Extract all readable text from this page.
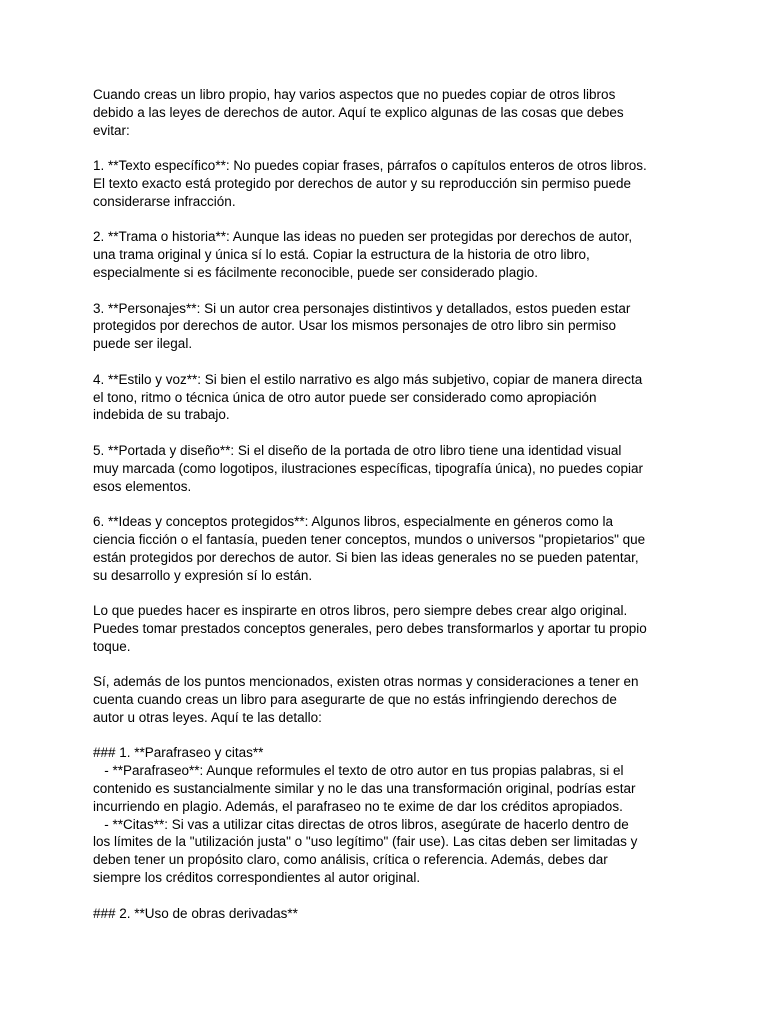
Cuando creas un libro propio, hay varios aspectos que no puedes copiar de otros libros
debido a las leyes de derechos de autor. Aquí te explico algunas de las cosas que debes
evitar:
1. **Texto específico**: No puedes copiar frases, párrafos o capítulos enteros de otros libros.
El texto exacto está protegido por derechos de autor y su reproducción sin permiso puede
considerarse infracción.
2. **Trama o historia**: Aunque las ideas no pueden ser protegidas por derechos de autor,
una trama original y única sí lo está. Copiar la estructura de la historia de otro libro,
especialmente si es fácilmente reconocible, puede ser considerado plagio.
3. **Personajes**: Si un autor crea personajes distintivos y detallados, estos pueden estar
protegidos por derechos de autor. Usar los mismos personajes de otro libro sin permiso
puede ser ilegal.
4. **Estilo y voz**: Si bien el estilo narrativo es algo más subjetivo, copiar de manera directa
el tono, ritmo o técnica única de otro autor puede ser considerado como apropiación
indebida de su trabajo.
5. **Portada y diseño**: Si el diseño de la portada de otro libro tiene una identidad visual
muy marcada (como logotipos, ilustraciones específicas, tipografía única), no puedes copiar
esos elementos.
6. **Ideas y conceptos protegidos**: Algunos libros, especialmente en géneros como la
ciencia ficción o el fantasía, pueden tener conceptos, mundos o universos "propietarios" que
están protegidos por derechos de autor. Si bien las ideas generales no se pueden patentar,
su desarrollo y expresión sí lo están.
Lo que puedes hacer es inspirarte en otros libros, pero siempre debes crear algo original.
Puedes tomar prestados conceptos generales, pero debes transformarlos y aportar tu propio
toque.
Sí, además de los puntos mencionados, existen otras normas y consideraciones a tener en
cuenta cuando creas un libro para asegurarte de que no estás infringiendo derechos de
autor u otras leyes. Aquí te las detallo:
### 1. **Parafraseo y citas**
- **Parafraseo**: Aunque reformules el texto de otro autor en tus propias palabras, si el
contenido es sustancialmente similar y no le das una transformación original, podrías estar
incurriendo en plagio. Además, el parafraseo no te exime de dar los créditos apropiados.
- **Citas**: Si vas a utilizar citas directas de otros libros, asegúrate de hacerlo dentro de
los límites de la "utilización justa" o "uso legítimo" (fair use). Las citas deben ser limitadas y
deben tener un propósito claro, como análisis, crítica o referencia. Además, debes dar
siempre los créditos correspondientes al autor original.
### 2. **Uso de obras derivadas**
